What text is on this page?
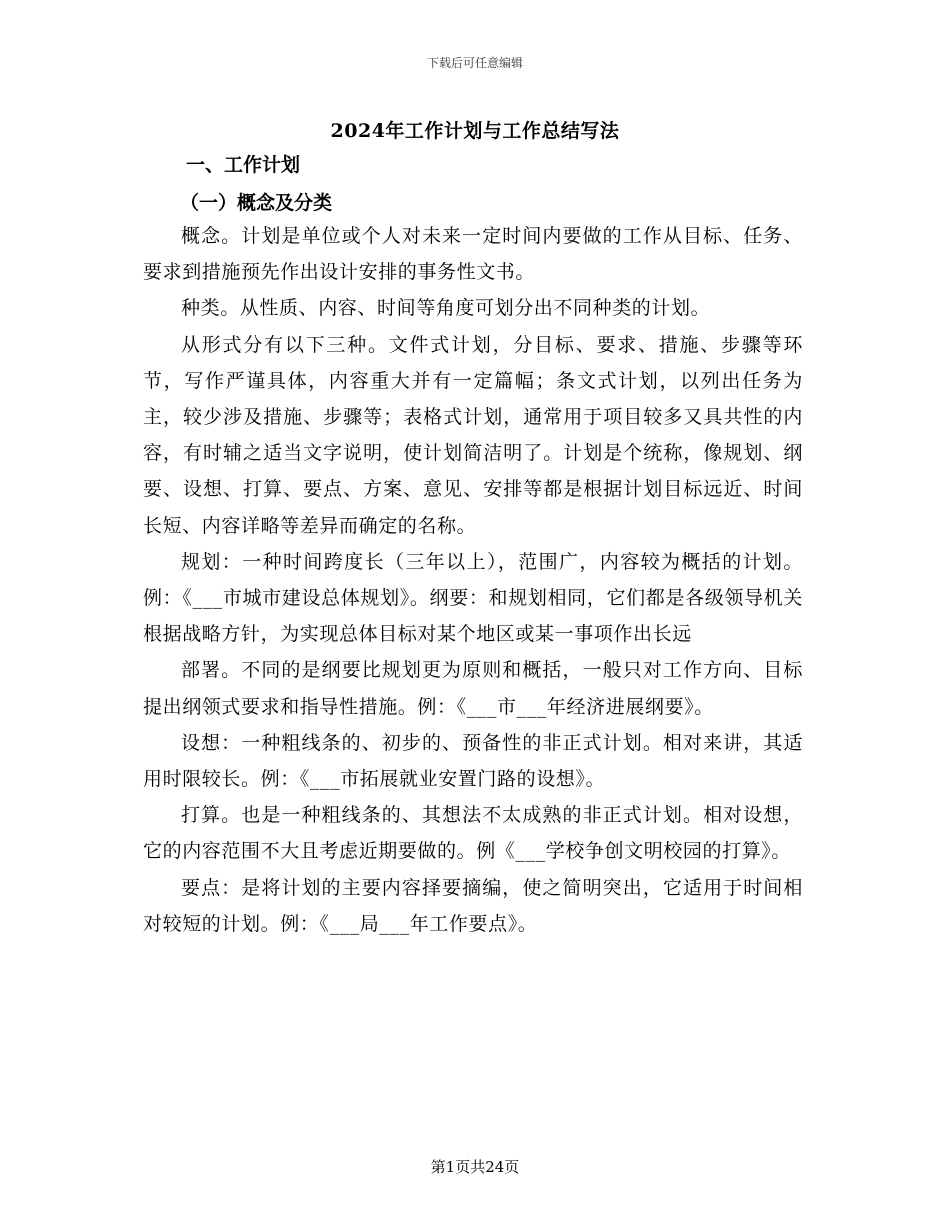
下载后可任意编辑
2024年工作计划与工作总结写法
一、工作计划
（一）概念及分类

概念。计划是单位或个人对未来一定时间内要做的工作从目标、任务、要求到措施预先作出设计安排的事务性文书。

种类。从性质、内容、时间等角度可划分出不同种类的计划。

从形式分有以下三种。文件式计划，分目标、要求、措施、步骤等环节，写作严谨具体，内容重大并有一定篇幅；条文式计划，以列出任务为主，较少涉及措施、步骤等；表格式计划，通常用于项目较多又具共性的内容，有时辅之适当文字说明，使计划简洁明了。计划是个统称，像规划、纲要、设想、打算、要点、方案、意见、安排等都是根据计划目标远近、时间长短、内容详略等差异而确定的名称。

规划：一种时间跨度长（三年以上），范围广，内容较为概括的计划。例：《___市城市建设总体规划》。纲要：和规划相同，它们都是各级领导机关根据战略方针，为实现总体目标对某个地区或某一事项作出长远

部署。不同的是纲要比规划更为原则和概括，一般只对工作方向、目标提出纲领式要求和指导性措施。例：《___市___年经济进展纲要》。

设想：一种粗线条的、初步的、预备性的非正式计划。相对来讲，其适用时限较长。例：《___市拓展就业安置门路的设想》。

打算。也是一种粗线条的、其想法不太成熟的非正式计划。相对设想，它的内容范围不大且考虑近期要做的。例《___学校争创文明校园的打算》。

要点：是将计划的主要内容择要摘编，使之简明突出，它适用于时间相对较短的计划。例：《___局___年工作要点》。

第1页共24页
